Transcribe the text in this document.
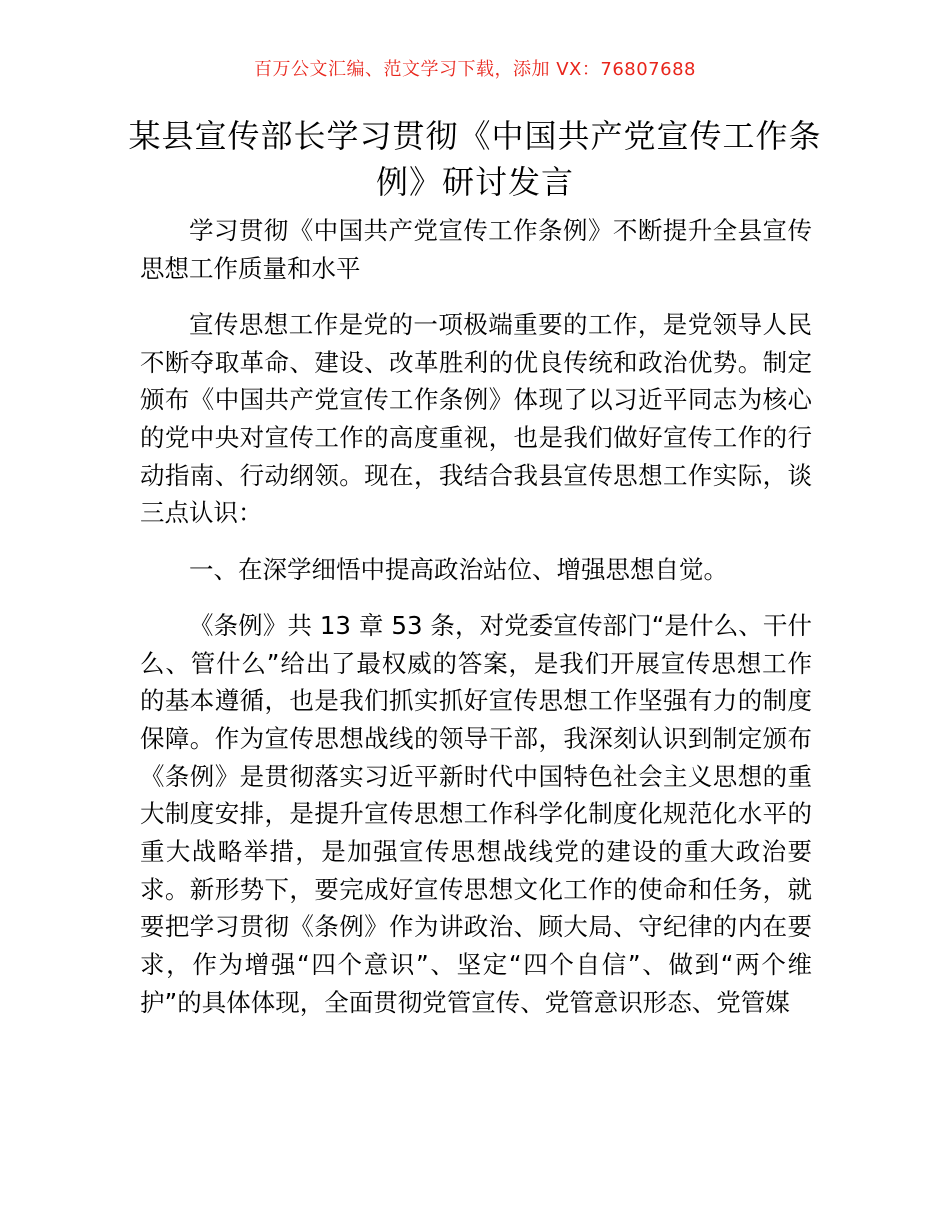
百万公文汇编、范文学习下载，添加 VX：76807688
某县宣传部长学习贯彻《中国共产党宣传工作条例》研讨发言

学习贯彻《中国共产党宣传工作条例》不断提升全县宣传思想工作质量和水平

宣传思想工作是党的一项极端重要的工作，是党领导人民不断夺取革命、建设、改革胜利的优良传统和政治优势。制定颁布《中国共产党宣传工作条例》体现了以习近平同志为核心的党中央对宣传工作的高度重视，也是我们做好宣传工作的行动指南、行动纲领。现在，我结合我县宣传思想工作实际，谈三点认识：

一、在深学细悟中提高政治站位、增强思想自觉。

《条例》共 13 章 53 条，对党委宣传部门“是什么、干什么、管什么”给出了最权威的答案，是我们开展宣传思想工作的基本遵循，也是我们抓实抓好宣传思想工作坚强有力的制度保障。作为宣传思想战线的领导干部，我深刻认识到制定颁布《条例》是贯彻落实习近平新时代中国特色社会主义思想的重大制度安排，是提升宣传思想工作科学化制度化规范化水平的重大战略举措，是加强宣传思想战线党的建设的重大政治要求。新形势下，要完成好宣传思想文化工作的使命和任务，就要把学习贯彻《条例》作为讲政治、顾大局、守纪律的内在要求，作为增强“四个意识”、坚定“四个自信”、做到“两个维护”的具体体现，全面贯彻党管宣传、党管意识形态、党管媒
